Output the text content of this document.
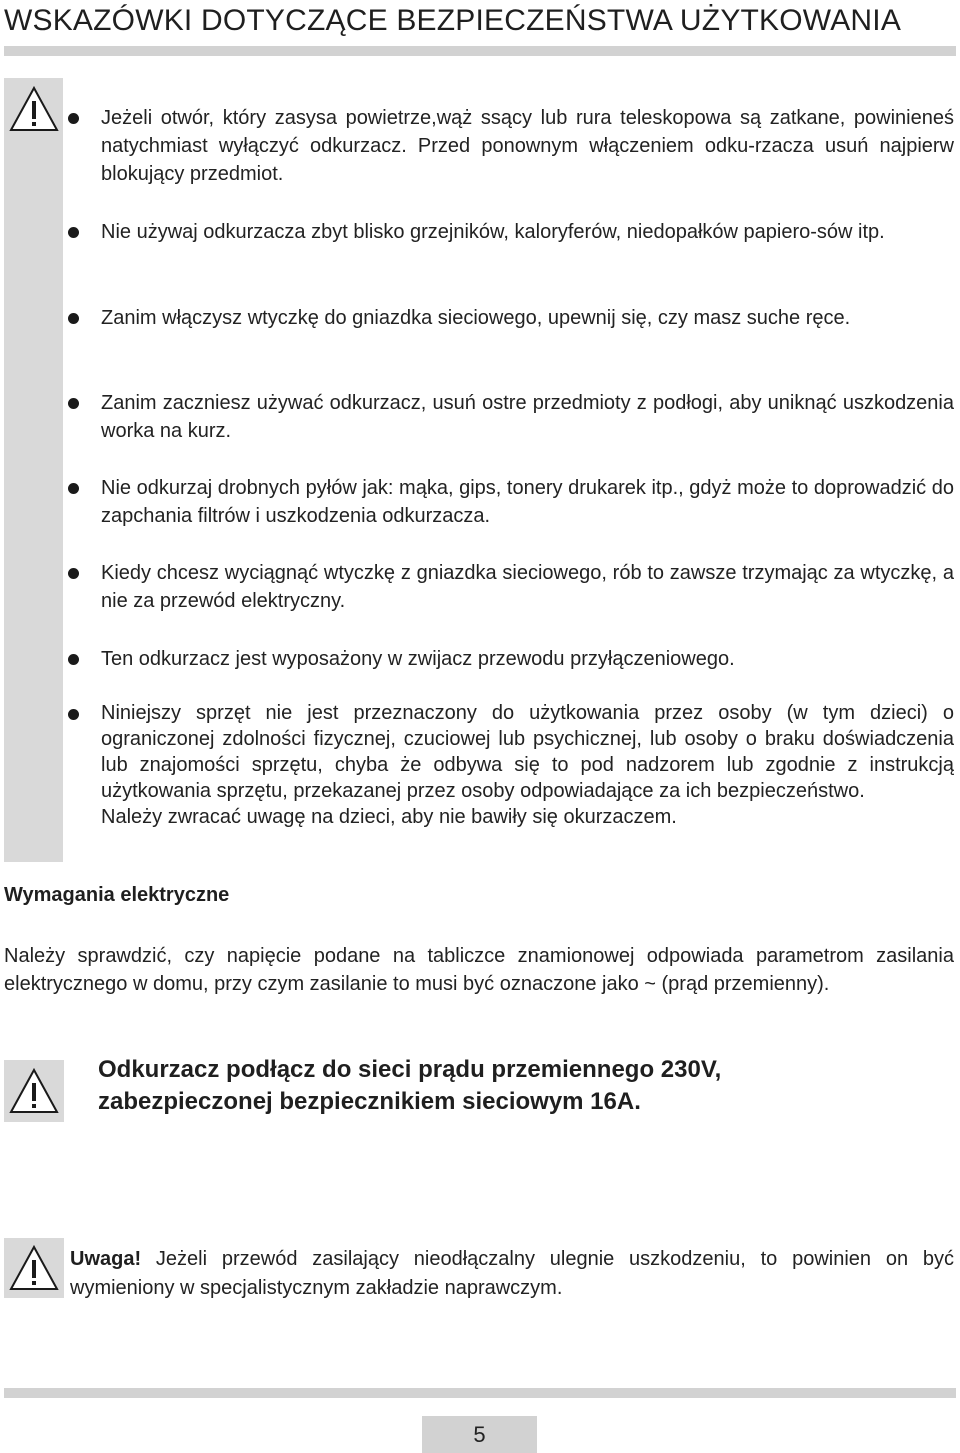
WSKAZÓWKI DOTYCZĄCE BEZPIECZEŃSTWA UŻYTKOWANIA
Jeżeli otwór, który zasysa powietrze,wąż ssący lub rura teleskopowa są zatkane, powinieneś natychmiast wyłączyć odkurzacz. Przed ponownym włączeniem odku-rzacza usuń najpierw blokujący przedmiot.
Nie używaj odkurzacza zbyt blisko grzejników, kaloryferów, niedopałków papiero-sów itp.
Zanim włączysz wtyczkę do gniazdka sieciowego, upewnij się, czy masz suche ręce.
Zanim zaczniesz używać odkurzacz, usuń ostre przedmioty z podłogi, aby uniknąć uszkodzenia worka na kurz.
Nie odkurzaj drobnych pyłów jak: mąka, gips, tonery drukarek itp., gdyż może to doprowadzić do zapchania filtrów i uszkodzenia odkurzacza.
Kiedy chcesz wyciągnąć wtyczkę z gniazdka sieciowego, rób to zawsze trzymając za wtyczkę, a nie za przewód elektryczny.
Ten odkurzacz jest wyposażony w zwijacz przewodu przyłączeniowego.
Niniejszy sprzęt nie jest przeznaczony do użytkowania przez osoby (w tym dzieci) o ograniczonej zdolności fizycznej, czuciowej lub psychicznej, lub osoby o braku doświadczenia lub znajomości sprzętu, chyba że odbywa się to pod nadzorem lub zgodnie z instrukcją użytkowania sprzętu, przekazanej przez osoby odpowiadające za ich bezpieczeństwo.
Należy zwracać uwagę na dzieci, aby nie bawiły się okurzaczem.
Wymagania elektryczne
Należy sprawdzić, czy napięcie podane na tabliczce znamionowej odpowiada parametrom zasilania elektrycznego w domu, przy czym zasilanie to musi być oznaczone jako ~ (prąd przemienny).
Odkurzacz podłącz do sieci prądu przemiennego 230V,
zabezpieczonej bezpiecznikiem sieciowym 16A.
Uwaga! Jeżeli przewód zasilający nieodłączalny ulegnie uszkodzeniu, to powinien on być wymieniony w specjalistycznym zakładzie naprawczym.
5
